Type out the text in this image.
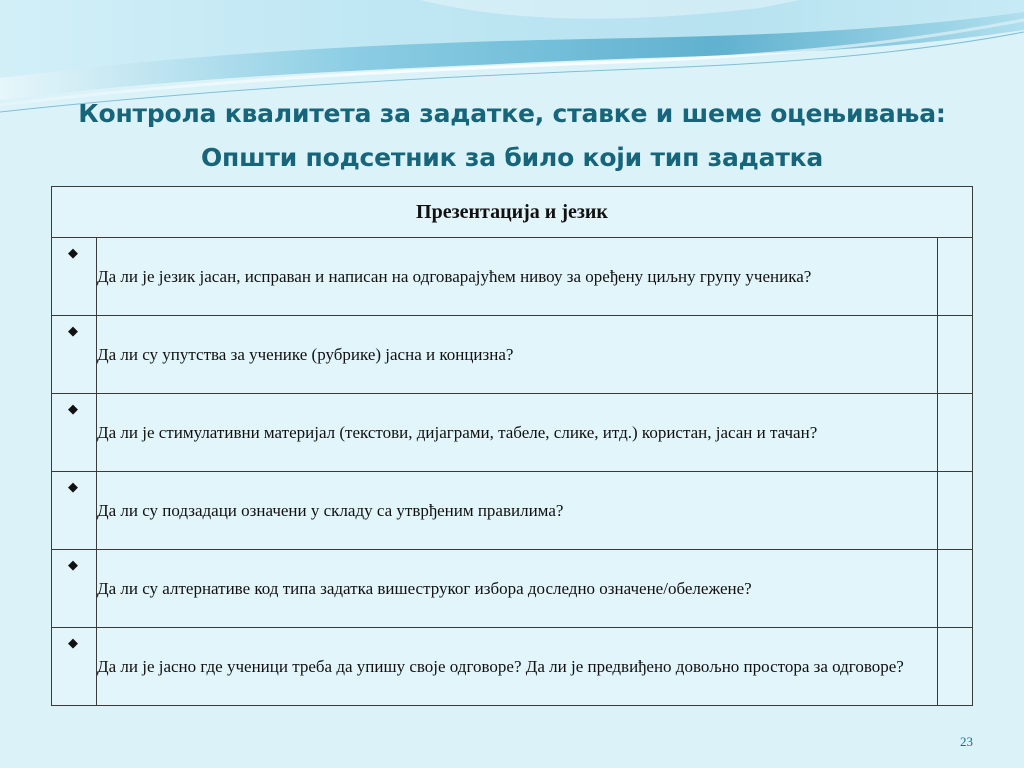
Контрола квалитета за задатке, ставке и шеме оцењивања:
Општи подсетник за било који тип задатка
Презентација и језик		

◆	Да ли је језик јасан, исправан и написан на одговарајућем нивоу за орeђену циљну групу ученика?	

◆	Да ли су упутства за ученике (рубрике) јасна и концизна?	

◆	Да ли је стимулативни материјал (текстови, дијаграми, табеле, слике, итд.) користан, јасан и тачан?	

◆	Да ли су подзадаци означени у складу са утврђеним правилима?	

◆	Да ли су алтернативе код типа задатка вишеструког избора доследно означене/обележене?	

◆	Да ли је јасно где ученици треба да упишу своје одговоре? Да ли је предвиђено довољно простора за одговоре?	
23
